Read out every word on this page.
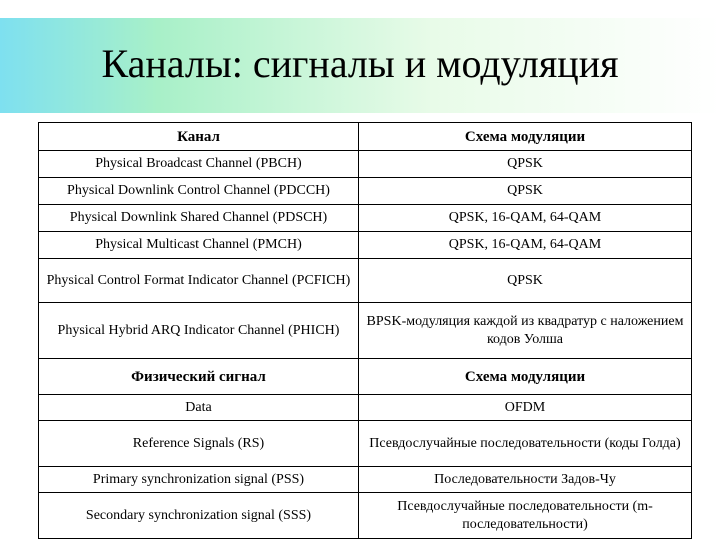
Каналы: сигналы и модуляция
Канал	Схема модуляции
Physical Broadcast Channel (PBCH)	QPSK
Physical Downlink Control Channel (PDCCH)	QPSK
Physical Downlink Shared Channel (PDSCH)	QPSK, 16-QAM, 64-QAM
Physical Multicast Channel (PMCH)	QPSK, 16-QAM, 64-QAM
Physical Control Format Indicator Channel (PCFICH)	QPSK
Physical Hybrid ARQ Indicator Channel (PHICH)	BPSK-модуляция каждой из квадратур с наложением кодов Уолша
Физический сигнал	Схема модуляции
Data	OFDM
Reference Signals (RS)	Псевдослучайные последовательности (коды Голда)
Primary synchronization signal (PSS)	Последовательности Задов-Чу
Secondary synchronization signal (SSS)	Псевдослучайные последовательности (m-последовательности)
